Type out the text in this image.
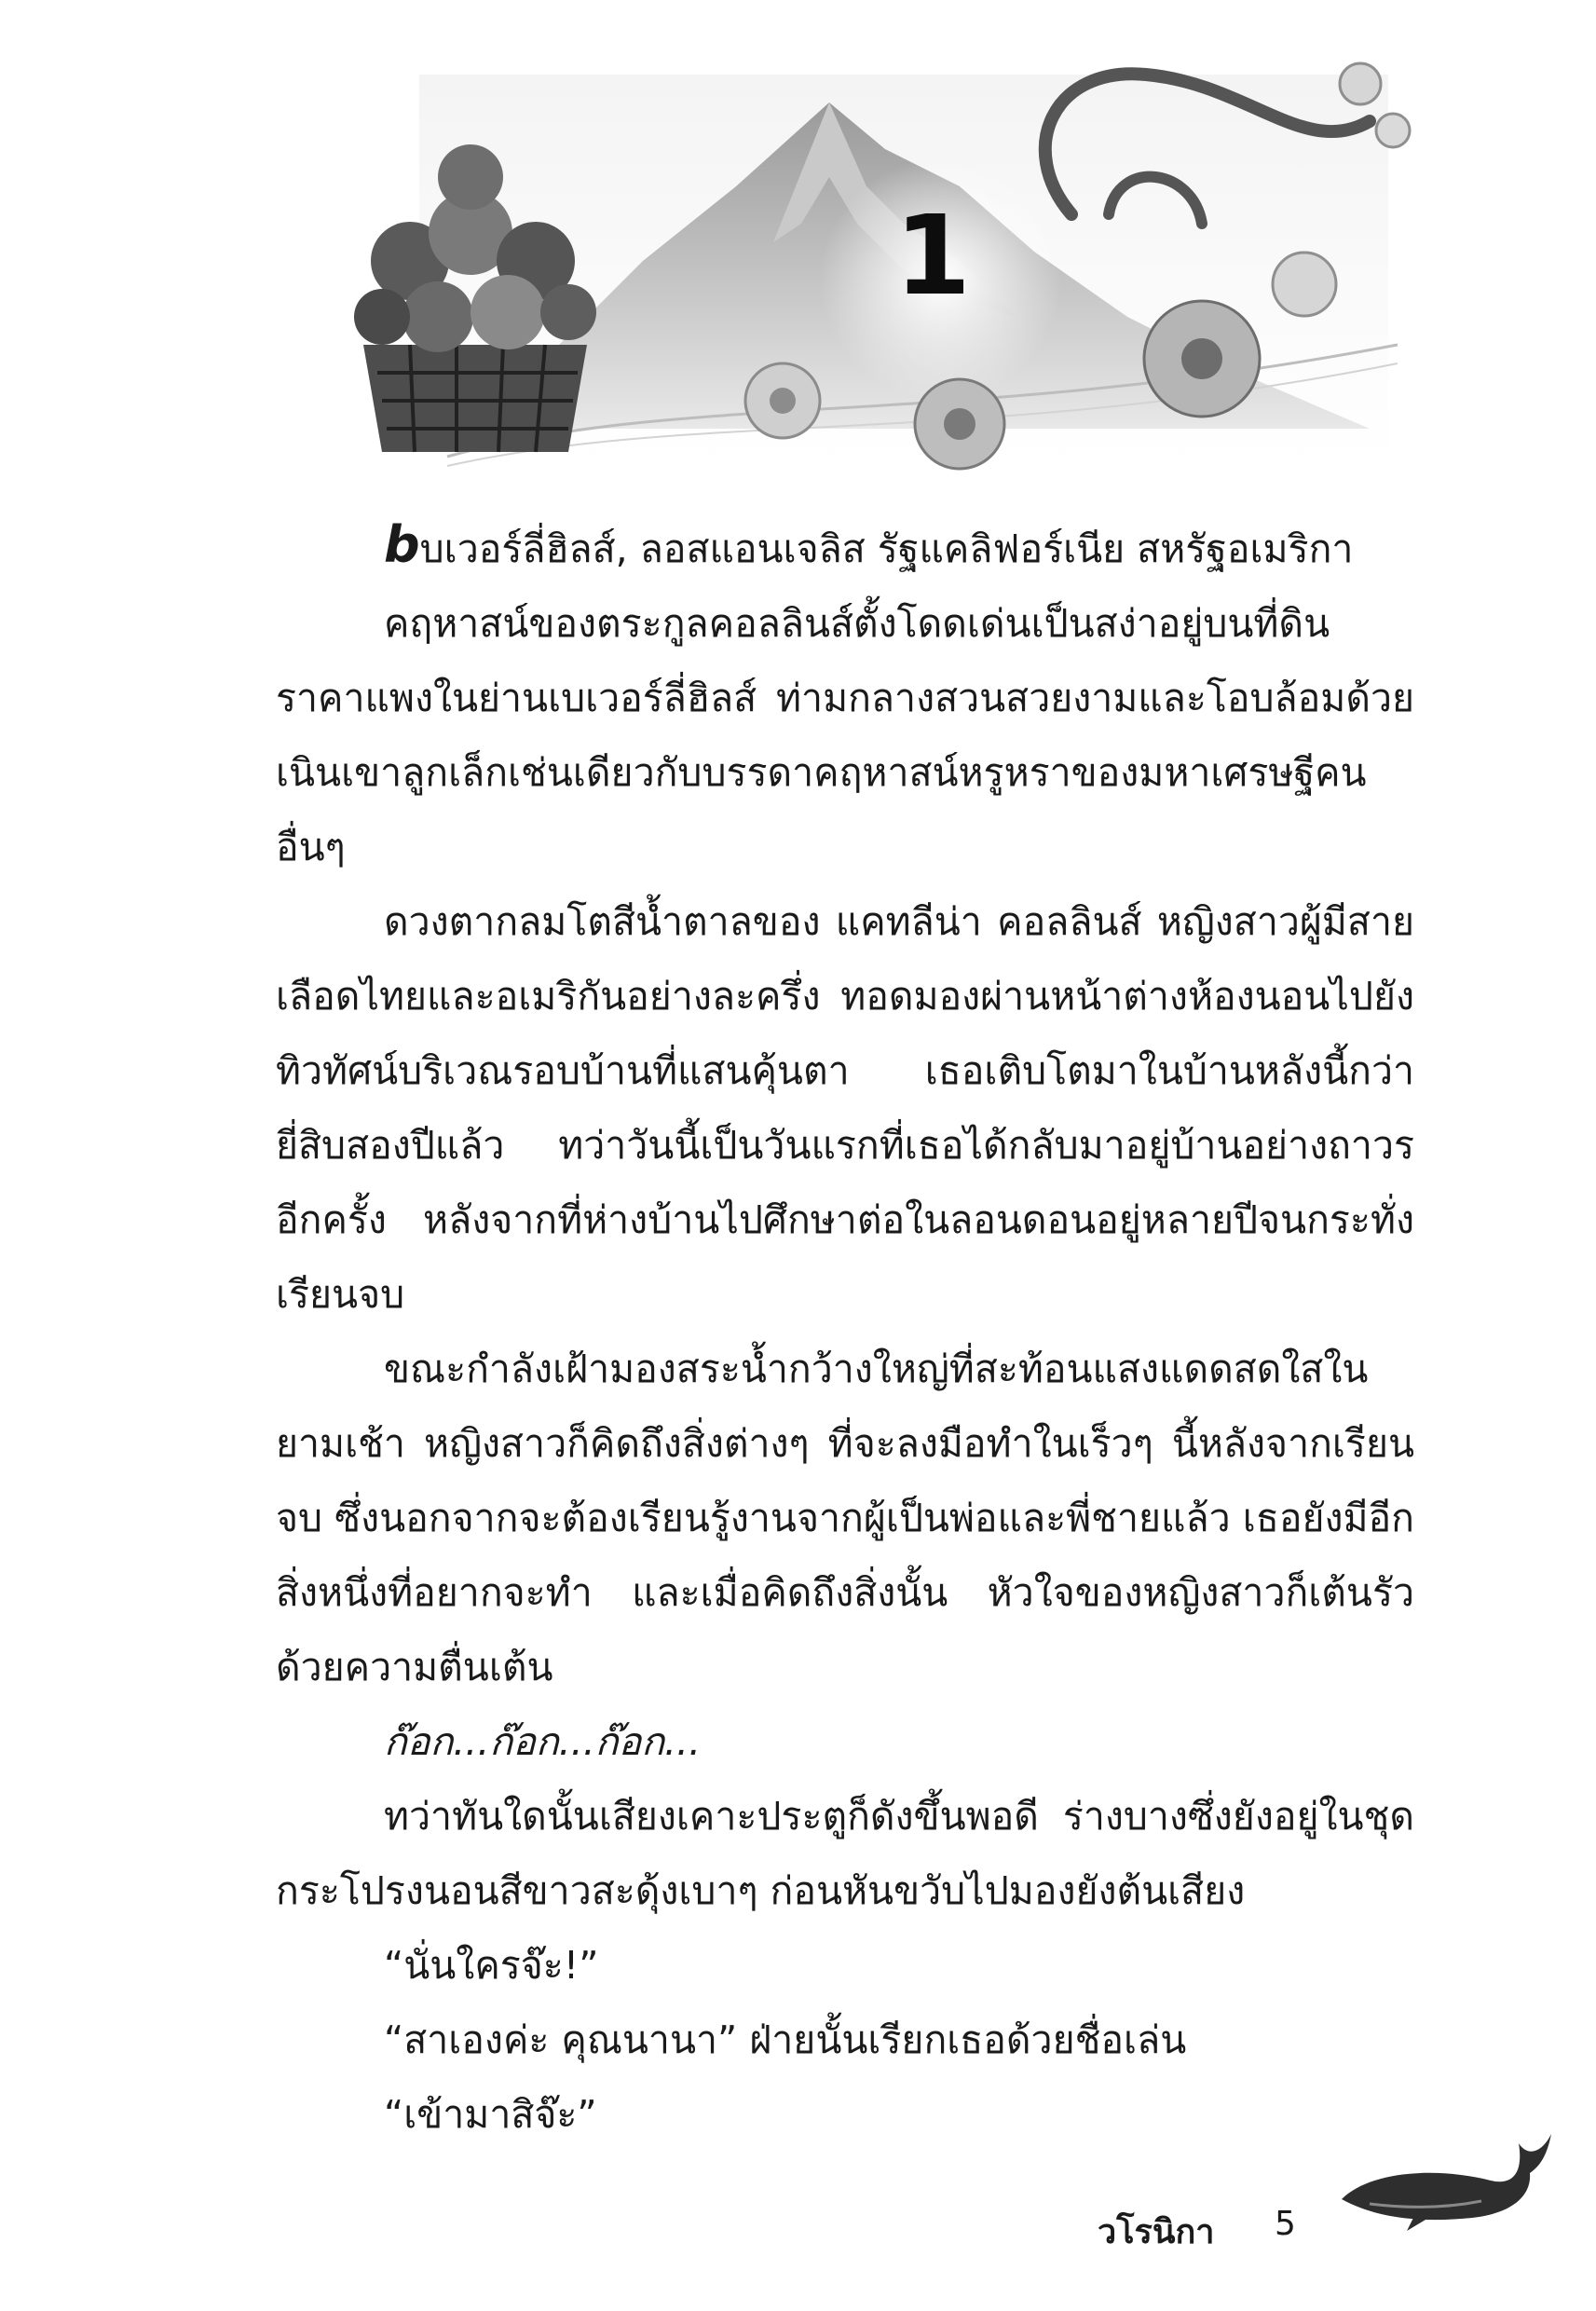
1

bบเวอร์ลี่ฮิลส์, ลอสแอนเจลิส รัฐแคลิฟอร์เนีย สหรัฐอเมริกา

คฤหาสน์ของตระกูลคอลลินส์ตั้งโดดเด่นเป็นสง่าอยู่บนที่ดินราคาแพงในย่านเบเวอร์ลี่ฮิลส์ ท่ามกลางสวนสวยงามและโอบล้อมด้วยเนินเขาลูกเล็กเช่นเดียวกับบรรดาคฤหาสน์หรูหราของมหาเศรษฐีคนอื่นๆ

ดวงตากลมโตสีน้ำตาลของ แคทลีน่า คอลลินส์ หญิงสาวผู้มีสายเลือดไทยและอเมริกันอย่างละครึ่ง ทอดมองผ่านหน้าต่างห้องนอนไปยังทิวทัศน์บริเวณรอบบ้านที่แสนคุ้นตา เธอเติบโตมาในบ้านหลังนี้กว่ายี่สิบสองปีแล้ว ทว่าวันนี้เป็นวันแรกที่เธอได้กลับมาอยู่บ้านอย่างถาวรอีกครั้ง หลังจากที่ห่างบ้านไปศึกษาต่อในลอนดอนอยู่หลายปีจนกระทั่งเรียนจบ

ขณะกำลังเฝ้ามองสระน้ำกว้างใหญ่ที่สะท้อนแสงแดดสดใสในยามเช้า หญิงสาวก็คิดถึงสิ่งต่างๆ ที่จะลงมือทำในเร็วๆ นี้หลังจากเรียนจบ ซึ่งนอกจากจะต้องเรียนรู้งานจากผู้เป็นพ่อและพี่ชายแล้ว เธอยังมีอีกสิ่งหนึ่งที่อยากจะทำ และเมื่อคิดถึงสิ่งนั้น หัวใจของหญิงสาวก็เต้นรัวด้วยความตื่นเต้น

ก๊อก...ก๊อก...ก๊อก...

ทว่าทันใดนั้นเสียงเคาะประตูก็ดังขึ้นพอดี ร่างบางซึ่งยังอยู่ในชุดกระโปรงนอนสีขาวสะดุ้งเบาๆ ก่อนหันขวับไปมองยังต้นเสียง

“นั่นใครจ๊ะ!”

“สาเองค่ะ คุณนานา” ฝ่ายนั้นเรียกเธอด้วยชื่อเล่น

“เข้ามาสิจ๊ะ”

วโรนิกา 5
